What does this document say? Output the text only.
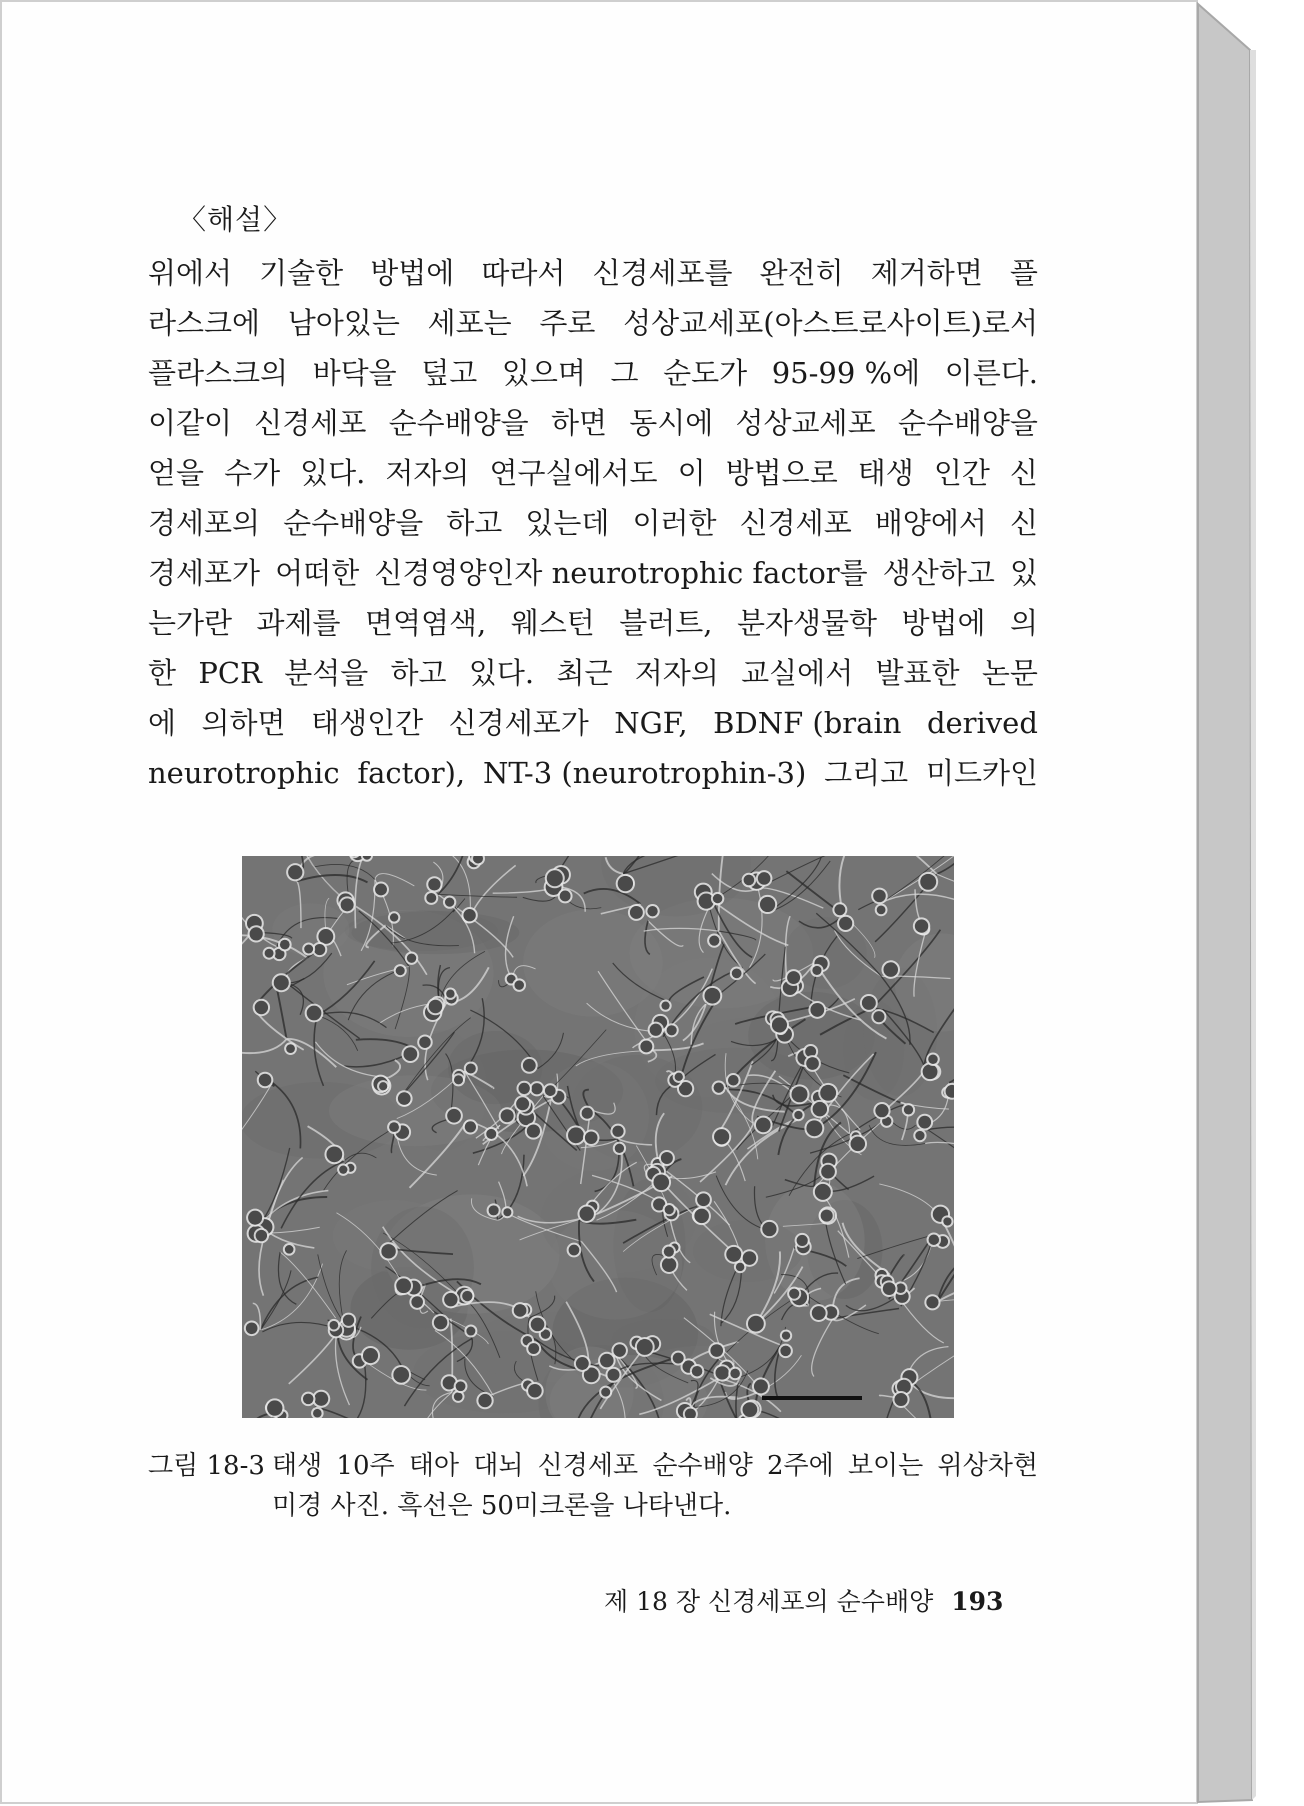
〈해설〉
위에서 기술한 방법에 따라서 신경세포를 완전히 제거하면 플
라스크에 남아있는 세포는 주로 성상교세포(아스트로사이트)로서
플라스크의 바닥을 덮고 있으며 그 순도가 95-99 %에 이른다.
이같이 신경세포 순수배양을 하면 동시에 성상교세포 순수배양을
얻을 수가 있다. 저자의 연구실에서도 이 방법으로 태생 인간 신
경세포의 순수배양을 하고 있는데 이러한 신경세포 배양에서 신
경세포가 어떠한 신경영양인자 neurotrophic factor를 생산하고 있
는가란 과제를 면역염색, 웨스턴 블러트, 분자생물학 방법에 의
한 PCR 분석을 하고 있다. 최근 저자의 교실에서 발표한 논문
에 의하면 태생인간 신경세포가 NGF, BDNF (brain derived
neurotrophic factor), NT-3 (neurotrophin-3) 그리고 미드카인
그림 18-3 태생 10주 태아 대뇌 신경세포 순수배양 2주에 보이는 위상차현
미경 사진. 흑선은 50미크론을 나타낸다.
제 18 장 신경세포의 순수배양 193
